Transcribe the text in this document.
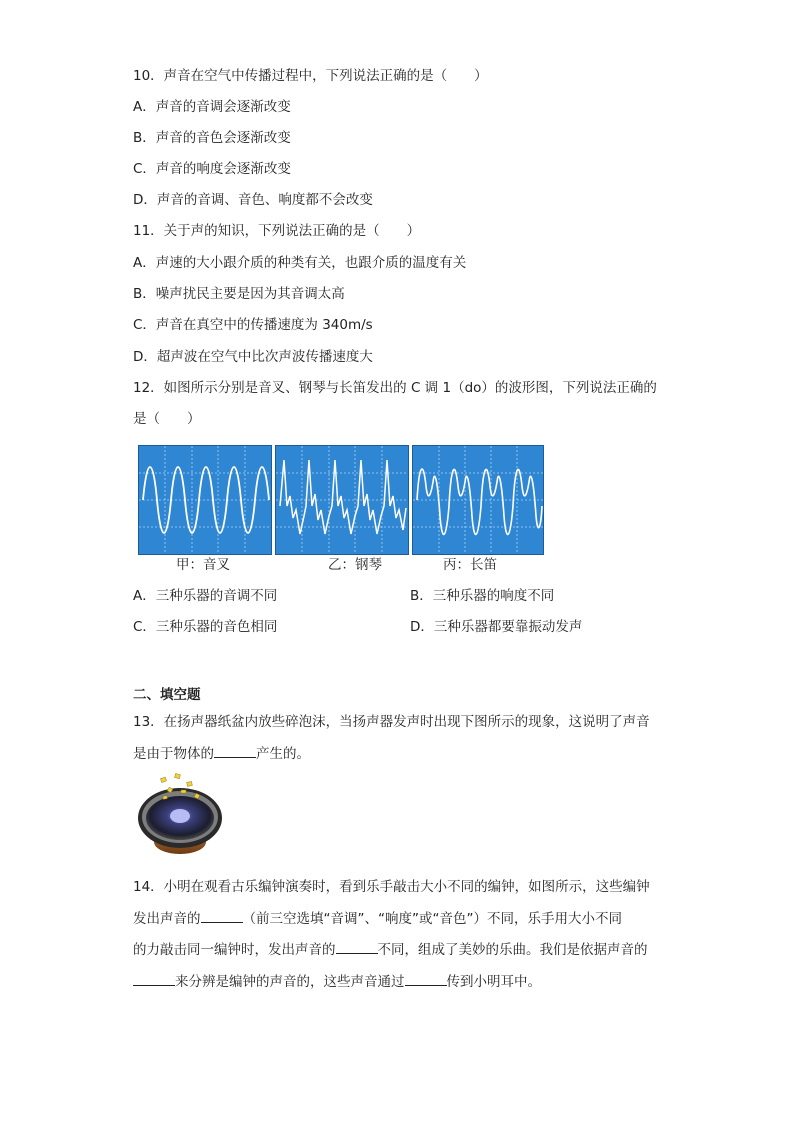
10．声音在空气中传播过程中，下列说法正确的是（　　）
A．声音的音调会逐渐改变
B．声音的音色会逐渐改变
C．声音的响度会逐渐改变
D．声音的音调、音色、响度都不会改变
11．关于声的知识，下列说法正确的是（　　）
A．声速的大小跟介质的种类有关，也跟介质的温度有关
B．噪声扰民主要是因为其音调太高
C．声音在真空中的传播速度为 340m/s
D．超声波在空气中比次声波传播速度大
12．如图所示分别是音叉、钢琴与长笛发出的 C 调 1（do）的波形图，下列说法正确的
是（　　）
甲：音叉	乙：钢琴	丙：长笛
A．三种乐器的音调不同	B．三种乐器的响度不同
C．三种乐器的音色相同	D．三种乐器都要靠振动发声
二、填空题
13．在扬声器纸盆内放些碎泡沫，当扬声器发声时出现下图所示的现象，这说明了声音
是由于物体的	产生的。
14．小明在观看古乐编钟演奏时，看到乐手敲击大小不同的编钟，如图所示，这些编钟
发出声音的	（前三空选填“音调”、“响度”或“音色”）不同，乐手用大小不同
的力敲击同一编钟时，发出声音的	不同，组成了美妙的乐曲。我们是依据声音的
来分辨是编钟的声音的，这些声音通过	传到小明耳中。
